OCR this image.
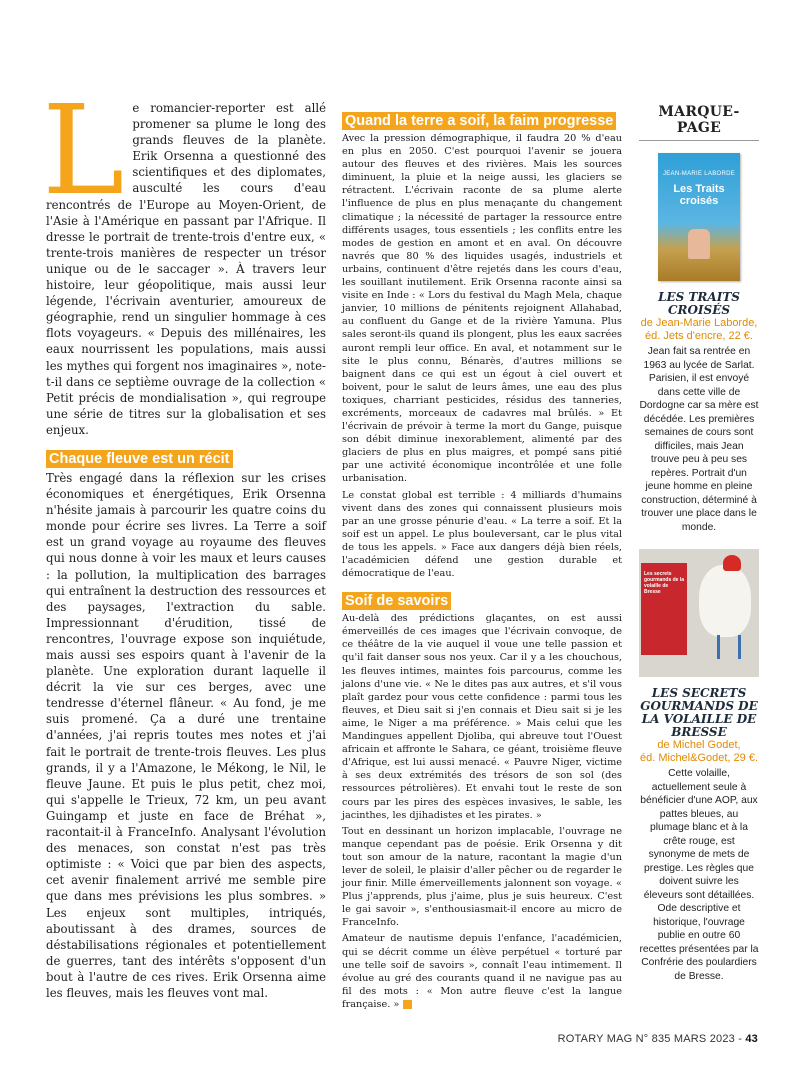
Le romancier-reporter est allé promener sa plume le long des grands fleuves de la planète. Erik Orsenna a questionné des scientifiques et des diplomates, ausculté les cours d'eau rencontrés de l'Europe au Moyen-Orient, de l'Asie à l'Amérique en passant par l'Afrique. Il dresse le portrait de trente-trois d'entre eux, « trente-trois manières de respecter un trésor unique ou de le saccager ». À travers leur histoire, leur géopolitique, mais aussi leur légende, l'écrivain aventurier, amoureux de géographie, rend un singulier hommage à ces flots voyageurs. « Depuis des millénaires, les eaux nourrissent les populations, mais aussi les mythes qui forgent nos imaginaires », note-t-il dans ce septième ouvrage de la collection « Petit précis de mondialisation », qui regroupe une série de titres sur la globalisation et ses enjeux.

Chaque fleuve est un récit

Très engagé dans la réflexion sur les crises économiques et énergétiques, Erik Orsenna n'hésite jamais à parcourir les quatre coins du monde pour écrire ses livres. La Terre a soif est un grand voyage au royaume des fleuves qui nous donne à voir les maux et leurs causes : la pollution, la multiplication des barrages qui entraînent la destruction des ressources et des paysages, l'extraction du sable. Impressionnant d'érudition, tissé de rencontres, l'ouvrage expose son inquiétude, mais aussi ses espoirs quant à l'avenir de la planète. Une exploration durant laquelle il décrit la vie sur ces berges, avec une tendresse d'éternel flâneur. « Au fond, je me suis promené. Ça a duré une trentaine d'années, j'ai repris toutes mes notes et j'ai fait le portrait de trente-trois fleuves. Les plus grands, il y a l'Amazone, le Mékong, le Nil, le fleuve Jaune. Et puis le plus petit, chez moi, qui s'appelle le Trieux, 72 km, un peu avant Guingamp et juste en face de Bréhat », racontait-il à FranceInfo. Analysant l'évolution des menaces, son constat n'est pas très optimiste : « Voici que par bien des aspects, cet avenir finalement arrivé me semble pire que dans mes prévisions les plus sombres. » Les enjeux sont multiples, intriqués, aboutissant à des drames, sources de déstabilisations régionales et potentiellement de guerres, tant des intérêts s'opposent d'un bout à l'autre de ces rives. Erik Orsenna aime les fleuves, mais les fleuves vont mal.

Quand la terre a soif, la faim progresse

Avec la pression démographique, il faudra 20 % d'eau en plus en 2050. C'est pourquoi l'avenir se jouera autour des fleuves et des rivières. Mais les sources diminuent, la pluie et la neige aussi, les glaciers se rétractent. L'écrivain raconte de sa plume alerte l'influence de plus en plus menaçante du changement climatique ; la nécessité de partager la ressource entre différents usages, tous essentiels ; les conflits entre les modes de gestion en amont et en aval. On découvre navrés que 80 % des liquides usagés, industriels et urbains, continuent d'être rejetés dans les cours d'eau, les souillant inutilement. Erik Orsenna raconte ainsi sa visite en Inde : « Lors du festival du Magh Mela, chaque janvier, 10 millions de pénitents rejoignent Allahabad, au confluent du Gange et de la rivière Yamuna. Plus sales seront-ils quand ils plongent, plus les eaux sacrées auront rempli leur office. En aval, et notamment sur le site le plus connu, Bénarès, d'autres millions se baignent dans ce qui est un égout à ciel ouvert et boivent, pour le salut de leurs âmes, une eau des plus toxiques, charriant pesticides, résidus des tanneries, excréments, morceaux de cadavres mal brûlés. » Et l'écrivain de prévoir à terme la mort du Gange, puisque son débit diminue inexorablement, alimenté par des glaciers de plus en plus maigres, et pompé sans pitié par une activité économique incontrôlée et une folle urbanisation.

Le constat global est terrible : 4 milliards d'humains vivent dans des zones qui connaissent plusieurs mois par an une grosse pénurie d'eau. « La terre a soif. Et la soif est un appel. Le plus bouleversant, car le plus vital de tous les appels. » Face aux dangers déjà bien réels, l'académicien défend une gestion durable et démocratique de l'eau.

Soif de savoirs

Au-delà des prédictions glaçantes, on est aussi émerveillés de ces images que l'écrivain convoque, de ce théâtre de la vie auquel il voue une telle passion et qu'il fait danser sous nos yeux. Car il y a les chouchous, les fleuves intimes, maintes fois parcourus, comme les jalons d'une vie. « Ne le dites pas aux autres, et s'il vous plaît gardez pour vous cette confidence : parmi tous les fleuves, et Dieu sait si j'en connais et Dieu sait si je les aime, le Niger a ma préférence. » Mais celui que les Mandingues appellent Djoliba, qui abreuve tout l'Ouest africain et affronte le Sahara, ce géant, troisième fleuve d'Afrique, est lui aussi menacé. « Pauvre Niger, victime à ses deux extrémités des trésors de son sol (des ressources pétrolières). Et envahi tout le reste de son cours par les pires des espèces invasives, le sable, les jacinthes, les djihadistes et les pirates. »

Tout en dessinant un horizon implacable, l'ouvrage ne manque cependant pas de poésie. Erik Orsenna y dit tout son amour de la nature, racontant la magie d'un lever de soleil, le plaisir d'aller pêcher ou de regarder le jour finir. Mille émerveillements jalonnent son voyage. « Plus j'apprends, plus j'aime, plus je suis heureux. C'est le gai savoir », s'enthousiasmait-il encore au micro de FranceInfo.

Amateur de nautisme depuis l'enfance, l'académicien, qui se décrit comme un élève perpétuel « torturé par une telle soif de savoirs », connaît l'eau intimement. Il évolue au gré des courants quand il ne navigue pas au fil des mots : « Mon autre fleuve c'est la langue française. »

MARQUE-PAGE
JEAN-MARIE LABORDE
Les Traits croisés
LES TRAITS CROISÉS
de Jean-Marie Laborde,
éd. Jets d'encre, 22 €.
Jean fait sa rentrée en 1963 au lycée de Sarlat. Parisien, il est envoyé dans cette ville de Dordogne car sa mère est décédée. Les premières semaines de cours sont difficiles, mais Jean trouve peu à peu ses repères. Portrait d'un jeune homme en pleine construction, déterminé à trouver une place dans le monde.
Les secrets gourmands de la volaille de Bresse
LES SECRETS GOURMANDS DE LA VOLAILLE DE BRESSE
de Michel Godet,
éd. Michel&Godet, 29 €.
Cette volaille, actuellement seule à bénéficier d'une AOP, aux pattes bleues, au plumage blanc et à la crête rouge, est synonyme de mets de prestige. Les règles que doivent suivre les éleveurs sont détaillées. Ode descriptive et historique, l'ouvrage publie en outre 60 recettes présentées par la Confrérie des poulardiers de Bresse.
ROTARY MAG N° 835 MARS 2023 - 43
